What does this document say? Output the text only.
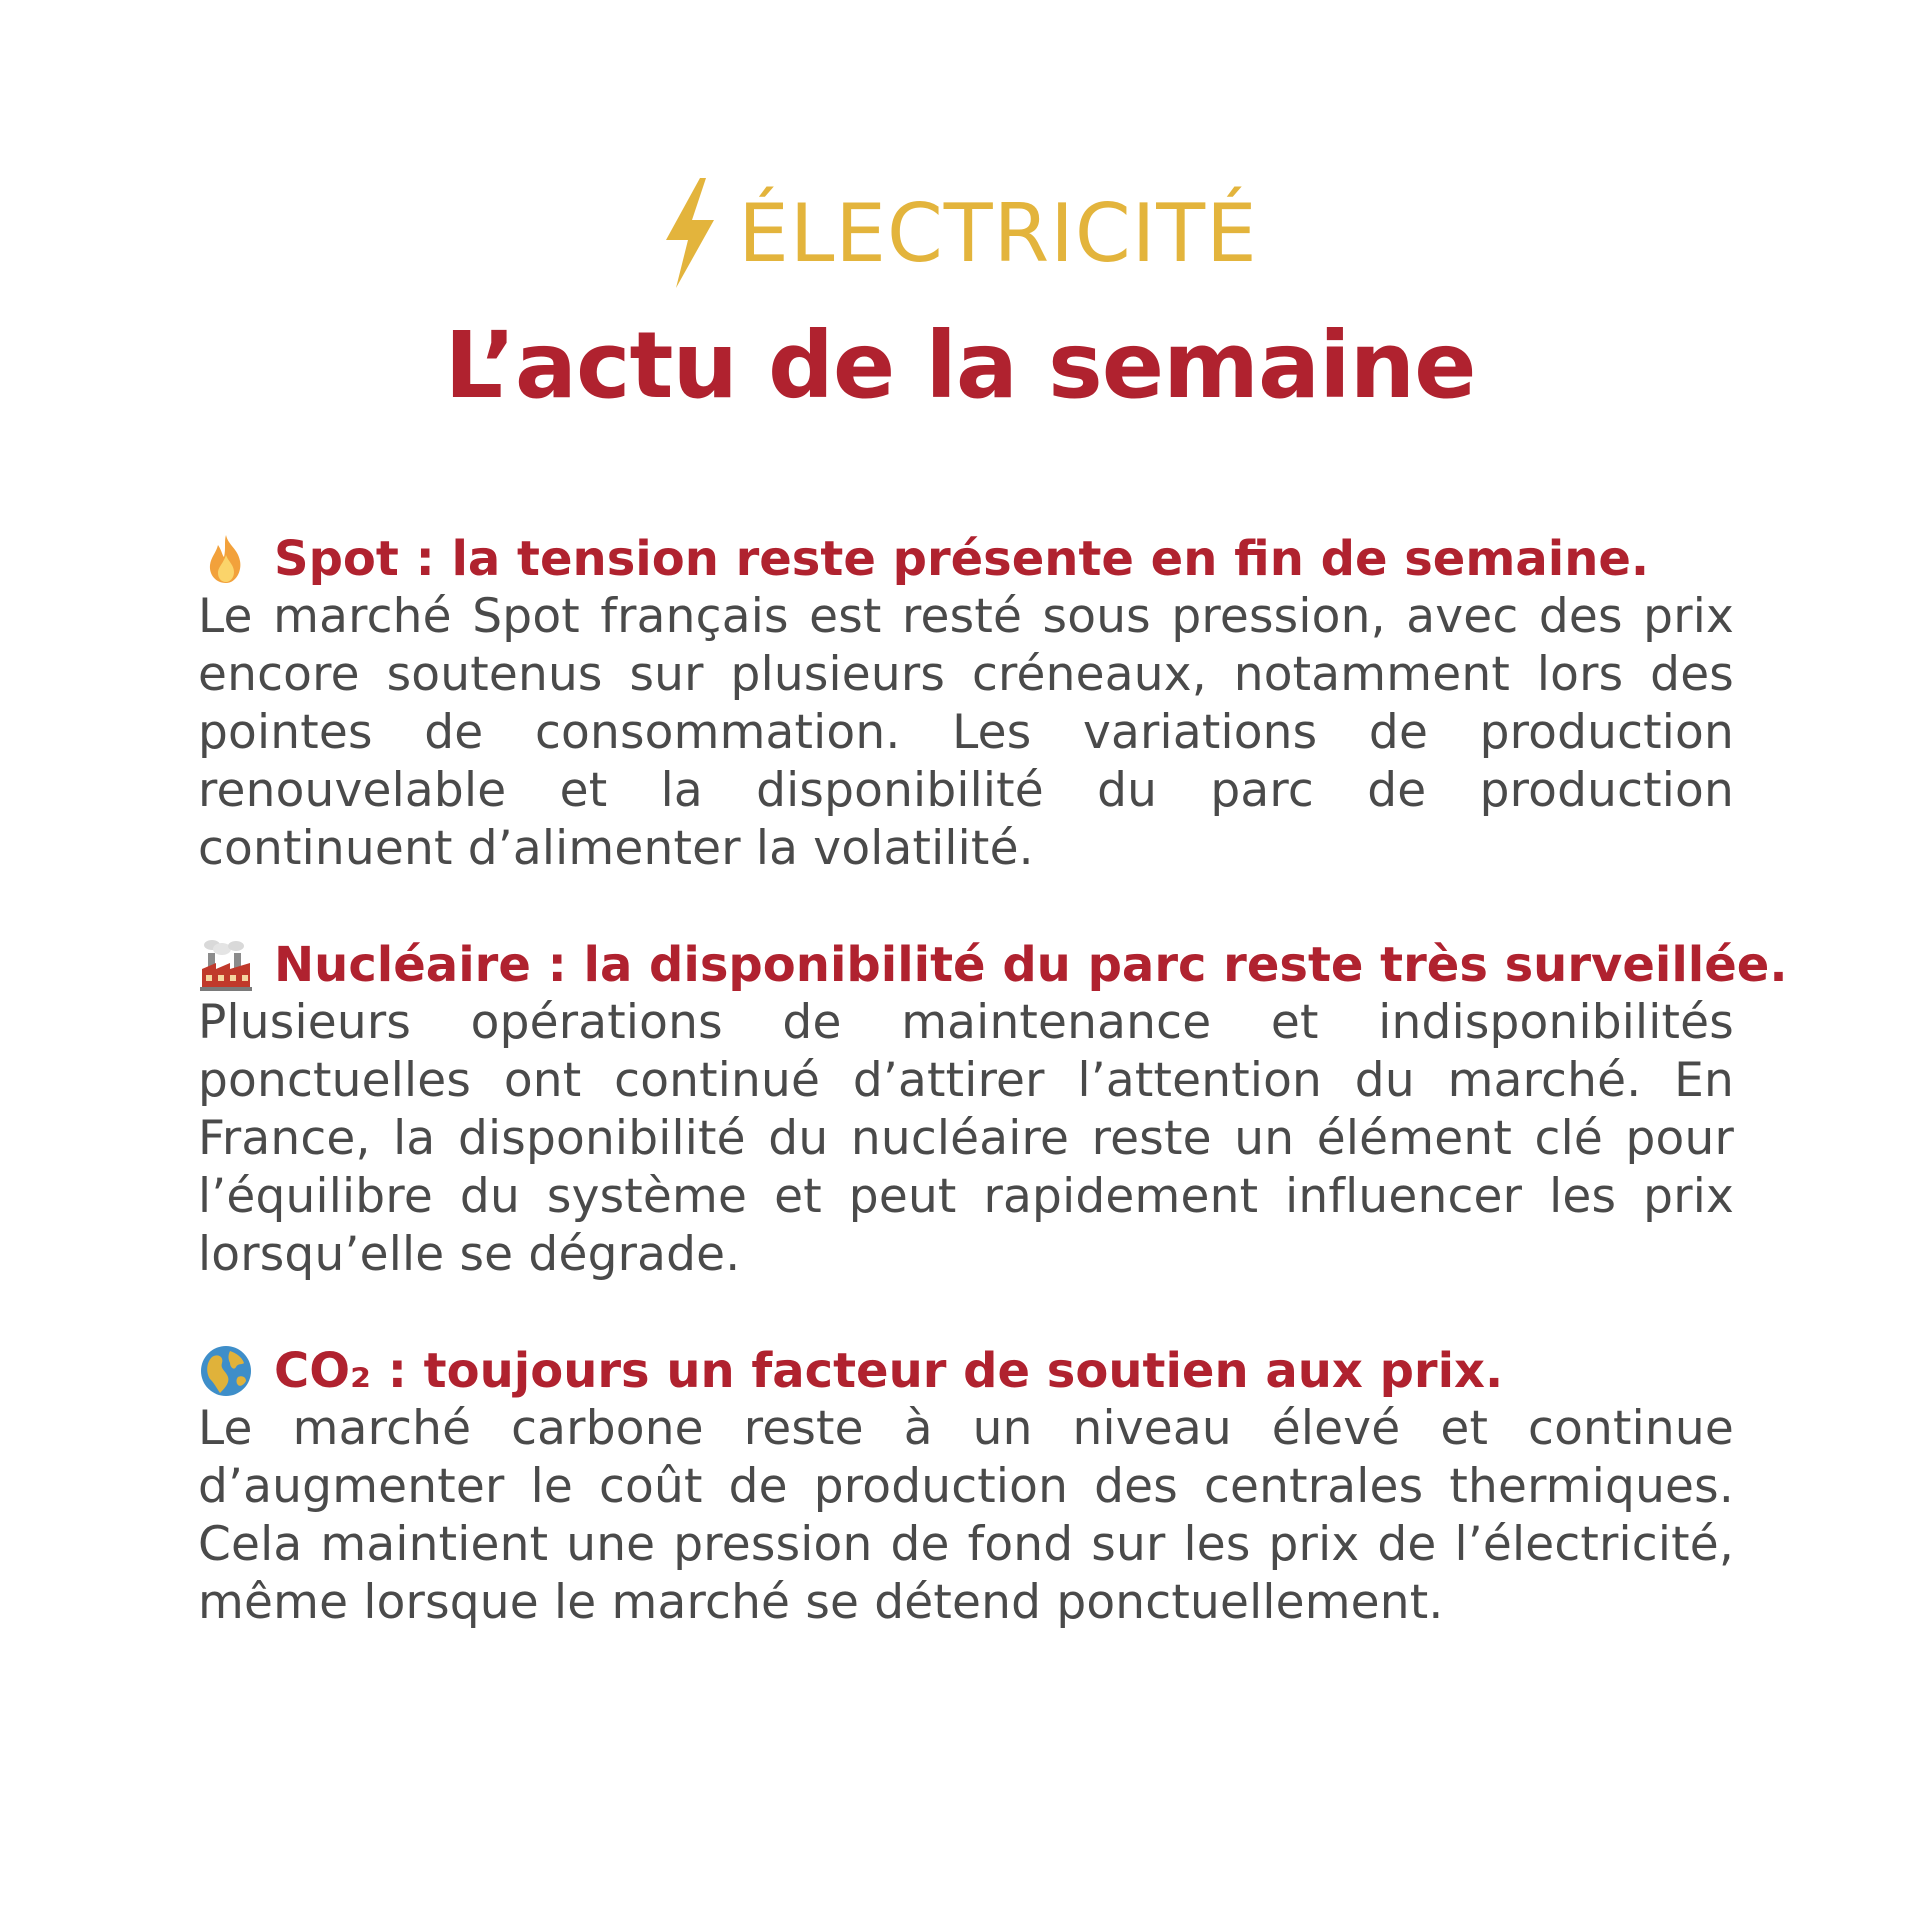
ÉLECTRICITÉ
L’actu de la semaine
Spot : la tension reste présente en fin de semaine.
Le marché Spot français est resté sous pression, avec des prix encore soutenus sur plusieurs créneaux, notamment lors des pointes de consommation. Les variations de production renouvelable et la disponibilité du parc de production continuent d’alimenter la volatilité.
Nucléaire : la disponibilité du parc reste très surveillée.
Plusieurs opérations de maintenance et indisponibilités ponctuelles ont continué d’attirer l’attention du marché. En France, la disponibilité du nucléaire reste un élément clé pour l’équilibre du système et peut rapidement influencer les prix lorsqu’elle se dégrade.
CO₂ : toujours un facteur de soutien aux prix.
Le marché carbone reste à un niveau élevé et continue d’augmenter le coût de production des centrales thermiques. Cela maintient une pression de fond sur les prix de l’électricité, même lorsque le marché se détend ponctuellement.
